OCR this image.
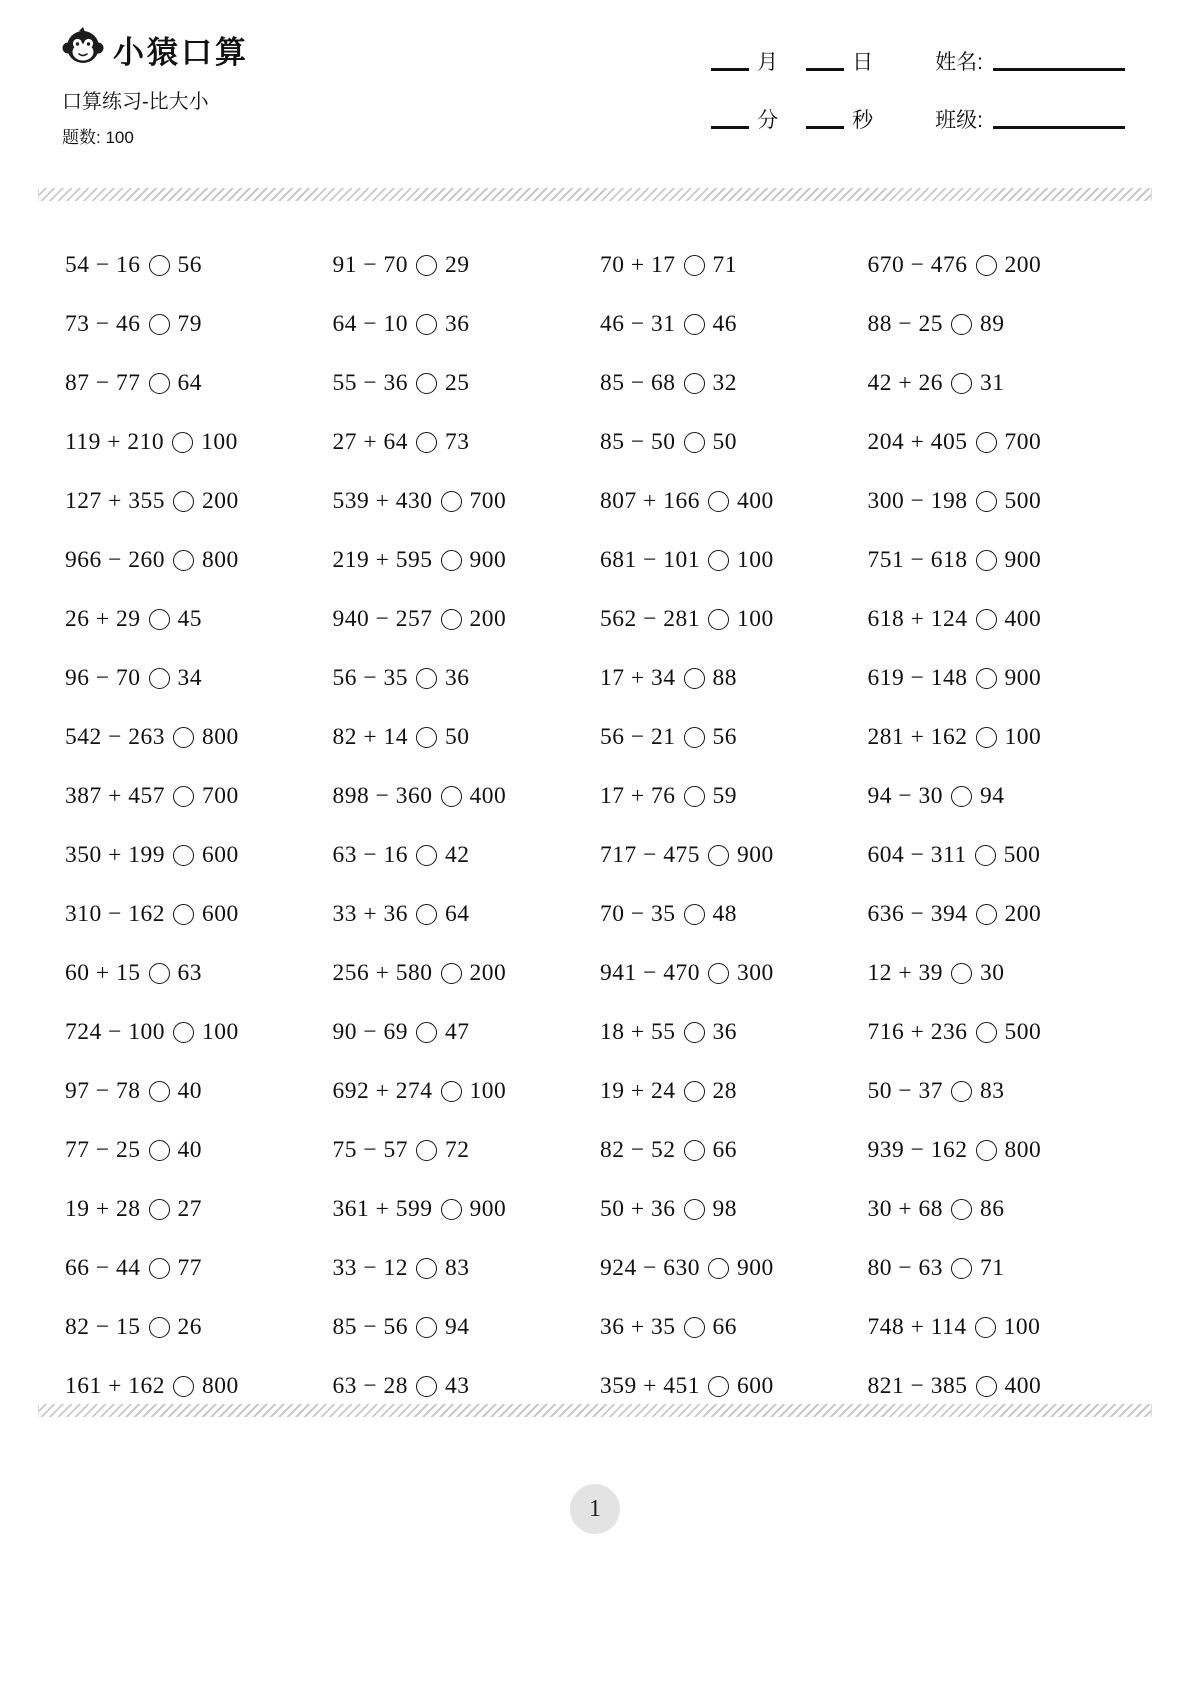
小猿口算
口算练习-比大小
题数: 100
月	日	姓名:
分	秒	班级:
54 − 16 56	91 − 70 29	70 + 17 71	670 − 476 200
73 − 46 79	64 − 10 36	46 − 31 46	88 − 25 89
87 − 77 64	55 − 36 25	85 − 68 32	42 + 26 31
119 + 210 100	27 + 64 73	85 − 50 50	204 + 405 700
127 + 355 200	539 + 430 700	807 + 166 400	300 − 198 500
966 − 260 800	219 + 595 900	681 − 101 100	751 − 618 900
26 + 29 45	940 − 257 200	562 − 281 100	618 + 124 400
96 − 70 34	56 − 35 36	17 + 34 88	619 − 148 900
542 − 263 800	82 + 14 50	56 − 21 56	281 + 162 100
387 + 457 700	898 − 360 400	17 + 76 59	94 − 30 94
350 + 199 600	63 − 16 42	717 − 475 900	604 − 311 500
310 − 162 600	33 + 36 64	70 − 35 48	636 − 394 200
60 + 15 63	256 + 580 200	941 − 470 300	12 + 39 30
724 − 100 100	90 − 69 47	18 + 55 36	716 + 236 500
97 − 78 40	692 + 274 100	19 + 24 28	50 − 37 83
77 − 25 40	75 − 57 72	82 − 52 66	939 − 162 800
19 + 28 27	361 + 599 900	50 + 36 98	30 + 68 86
66 − 44 77	33 − 12 83	924 − 630 900	80 − 63 71
82 − 15 26	85 − 56 94	36 + 35 66	748 + 114 100
161 + 162 800	63 − 28 43	359 + 451 600	821 − 385 400
1
